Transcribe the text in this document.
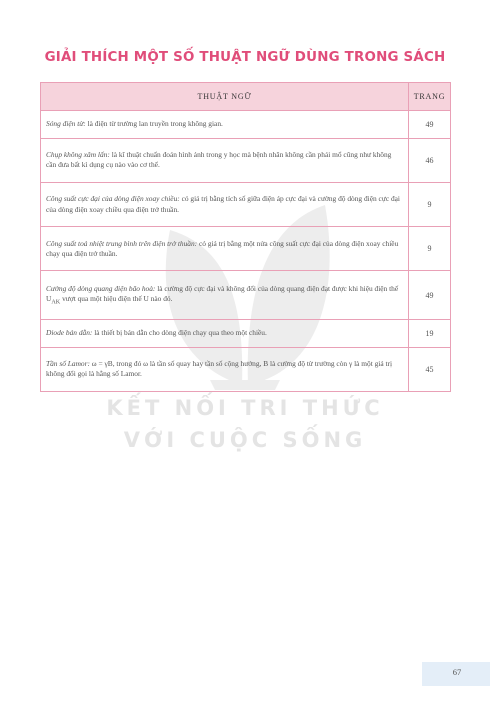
GIẢI THÍCH MỘT SỐ THUẬT NGỮ DÙNG TRONG SÁCH
KẾT NỐI TRI THỨC
VỚI CUỘC SỐNG
THUẬT NGỮ	TRANG
Sóng điện từ: là điện từ trường lan truyền trong không gian.	49
Chụp không xâm lấn: là kĩ thuật chuẩn đoán hình ảnh trong y học mà bệnh nhân không cần phải mổ cũng như không cần đưa bất kì dụng cụ nào vào cơ thể.	46
Công suất cực đại của dòng điện xoay chiều: có giá trị bằng tích số giữa điện áp cực đại và cường độ dòng điện cực đại của dòng điện xoay chiều qua điện trở thuần.	9
Công suất toả nhiệt trung bình trên điện trở thuần: có giá trị bằng một nửa công suất cực đại của dòng điện xoay chiều chạy qua điện trở thuần.	9
Cường độ dòng quang điện bão hoà: là cường độ cực đại và không đổi của dòng quang điện đạt được khi hiệu điện thế $U_{AK}$ vượt qua một hiệu điện thế U nào đó.	49
Diode bán dẫn: là thiết bị bán dẫn cho dòng điện chạy qua theo một chiều.	19
Tần số Lamor: ω = γB, trong đó ω là tần số quay hay tần số cộng hưởng, B là cường độ từ trường còn γ là một giá trị không đổi gọi là hằng số Lamor.	45
67
